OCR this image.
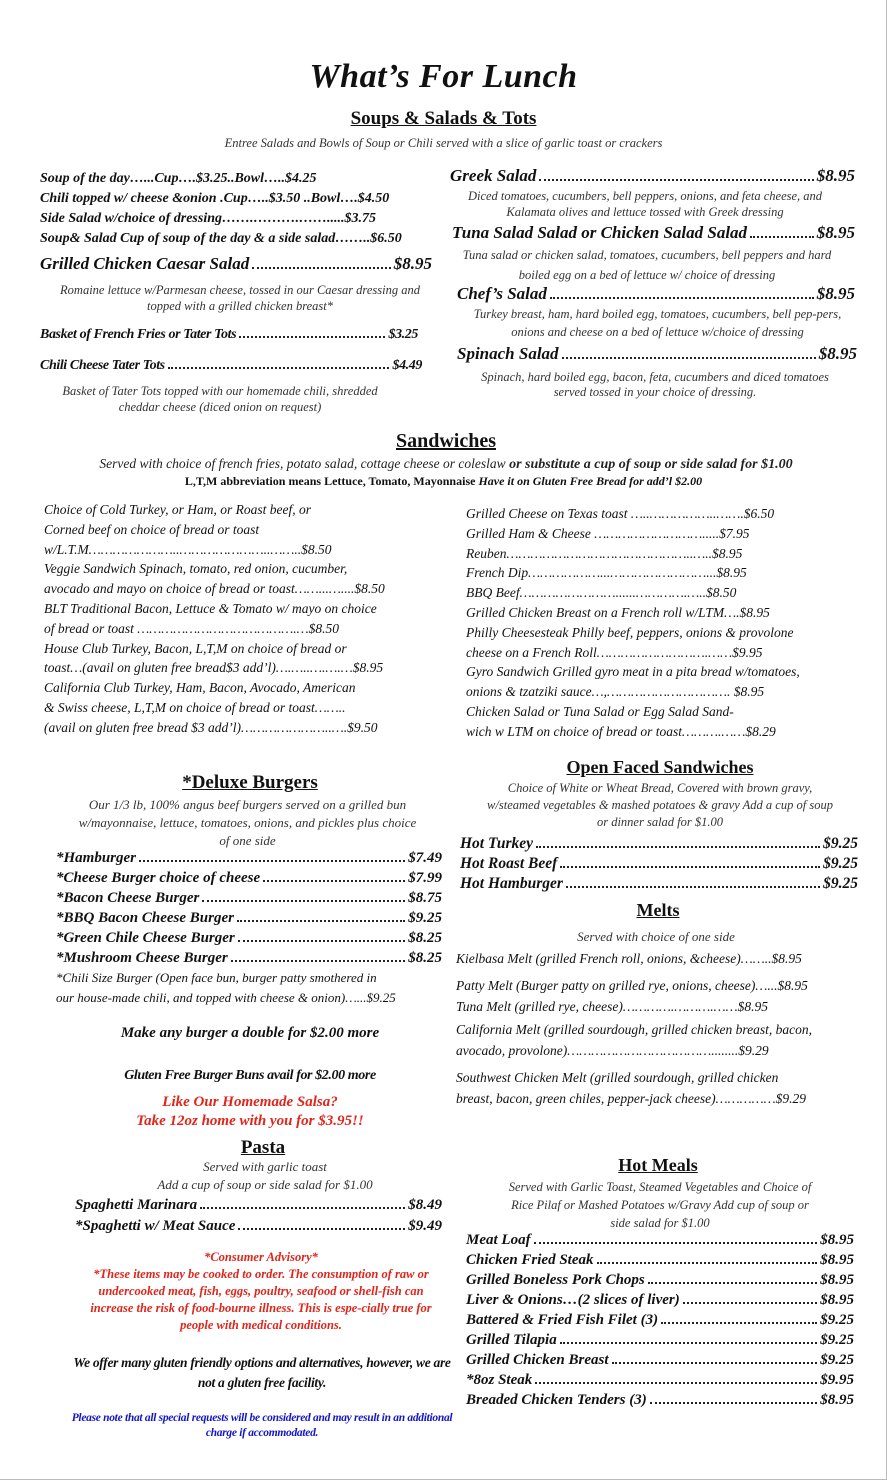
What’s For Lunch
Soups & Salads & Tots
Entree Salads and Bowls of Soup or Chili served with a slice of garlic toast or crackers
Soup of the day…...Cup….$3.25..Bowl…..$4.25
Chili topped w/ cheese &onion .Cup…..$3.50 ..Bowl….$4.50
Side Salad w/choice of dressing…….……….…….....$3.75
Soup& Salad Cup of soup of the day & a side salad……..$6.50
Grilled Chicken Caesar Salad	$8.95
Romaine lettuce w/Parmesan cheese, tossed in our Caesar dressing and topped with a grilled chicken breast*
Basket of French Fries or Tater Tots	$3.25
Chili Cheese Tater Tots	$4.49
Basket of Tater Tots topped with our homemade chili, shredded cheddar cheese (diced onion on request)
Greek Salad	$8.95
Diced tomatoes, cucumbers, bell peppers, onions, and feta cheese, and Kalamata olives and lettuce tossed with Greek dressing
Tuna Salad Salad or Chicken Salad Salad	$8.95
Tuna salad or chicken salad, tomatoes, cucumbers, bell peppers and hard boiled egg on a bed of lettuce w/ choice of dressing
Chef’s Salad	$8.95
Turkey breast, ham, hard boiled egg, tomatoes, cucumbers, bell pep-pers, onions and cheese on a bed of lettuce w/choice of dressing
Spinach Salad	$8.95
Spinach, hard boiled egg, bacon, feta, cucumbers and diced tomatoes served tossed in your choice of dressing.
Sandwiches
Served with choice of french fries, potato salad, cottage cheese or coleslaw or substitute a cup of soup or side salad for $1.00
L,T,M abbreviation means Lettuce, Tomato, Mayonnaise Have it on Gluten Free Bread for add’l $2.00
Choice of Cold Turkey, or Ham, or Roast beef, or
Corned beef on choice of bread or toast
w/L.T.M…………………..…………………..……..$8.50
Veggie Sandwich Spinach, tomato, red onion, cucumber,
avocado and mayo on choice of bread or toast……...…....$8.50
BLT Traditional Bacon, Lettuce & Tomato w/ mayo on choice
of bread or toast ………………………………….…$8.50
House Club Turkey, Bacon, L,T,M on choice of bread or
toast…(avail on gluten free bread$3 add’l)….…..….….…$8.95
California Club Turkey, Ham, Bacon, Avocado, American
& Swiss cheese, L,T,M on choice of bread or toast……..
(avail on gluten free bread $3 add’l)…………………..….$9.50
Grilled Cheese on Texas toast …..……………..…….$6.50
Grilled Ham & Cheese ……………………….....$7.95
Reuben………………………………………..…..$8.95
French Dip………………...……………………...$8.95
BBQ Beef……………………......………….…..$8.50
Grilled Chicken Breast on a French roll w/LTM….$8.95
Philly Cheesesteak Philly beef, peppers, onions & provolone
cheese on a French Roll……………………….……$9.95
Gyro Sandwich Grilled gyro meat in a pita bread w/tomatoes,
onions & tzatziki sauce…,…………………………. $8.95
Chicken Salad or Tuna Salad or Egg Salad Sand-
wich w LTM on choice of bread or toast……….……$8.29
*Deluxe Burgers
Our 1/3 lb, 100% angus beef burgers served on a grilled bun w/mayonnaise, lettuce, tomatoes, onions, and pickles plus choice of one side
*Hamburger	$7.49
*Cheese Burger choice of cheese	$7.99
*Bacon Cheese Burger	$8.75
*BBQ Bacon Cheese Burger	$9.25
*Green Chile Cheese Burger	$8.25
*Mushroom Cheese Burger	$8.25
*Chili Size Burger (Open face bun, burger patty smothered in
our house-made chili, and topped with cheese & onion)…...$9.25
Make any burger a double for $2.00 more
Gluten Free Burger Buns avail for $2.00 more
Like Our Homemade Salsa?
Take 12oz home with you for $3.95!!
Pasta
Served with garlic toast
Add a cup of soup or side salad for $1.00
Spaghetti Marinara	$8.49
*Spaghetti w/ Meat Sauce	$9.49
*Consumer Advisory*
*These items may be cooked to order. The consumption of raw or undercooked meat, fish, eggs, poultry, seafood or shell-fish can increase the risk of food-bourne illness. This is espe-cially true for people with medical conditions.
We offer many gluten friendly options and alternatives, however, we are not a gluten free facility.
Please note that all special requests will be considered and may result in an additional charge if accommodated.
Open Faced Sandwiches
Choice of White or Wheat Bread, Covered with brown gravy, w/steamed vegetables & mashed potatoes & gravy Add a cup of soup or dinner salad for $1.00
Hot Turkey	$9.25
Hot Roast Beef	$9.25
Hot Hamburger	$9.25
Melts
Served with choice of one side
Kielbasa Melt (grilled French roll, onions, &cheese)……..$8.95
Patty Melt (Burger patty on grilled rye, onions, cheese)…...$8.95
Tuna Melt (grilled rye, cheese)………….……….……$8.95
California Melt (grilled sourdough, grilled chicken breast, bacon,
avocado, provolone)………………………………........$9.29
Southwest Chicken Melt (grilled sourdough, grilled chicken
breast, bacon, green chiles, pepper-jack cheese)……………$9.29
Hot Meals
Served with Garlic Toast, Steamed Vegetables and Choice of Rice Pilaf or Mashed Potatoes w/Gravy Add cup of soup or side salad for $1.00
Meat Loaf	$8.95
Chicken Fried Steak	$8.95
Grilled Boneless Pork Chops	$8.95
Liver & Onions…(2 slices of liver)	$8.95
Battered & Fried Fish Filet (3)	$9.25
Grilled Tilapia	$9.25
Grilled Chicken Breast	$9.25
*8oz Steak	$9.95
Breaded Chicken Tenders (3)	$8.95
